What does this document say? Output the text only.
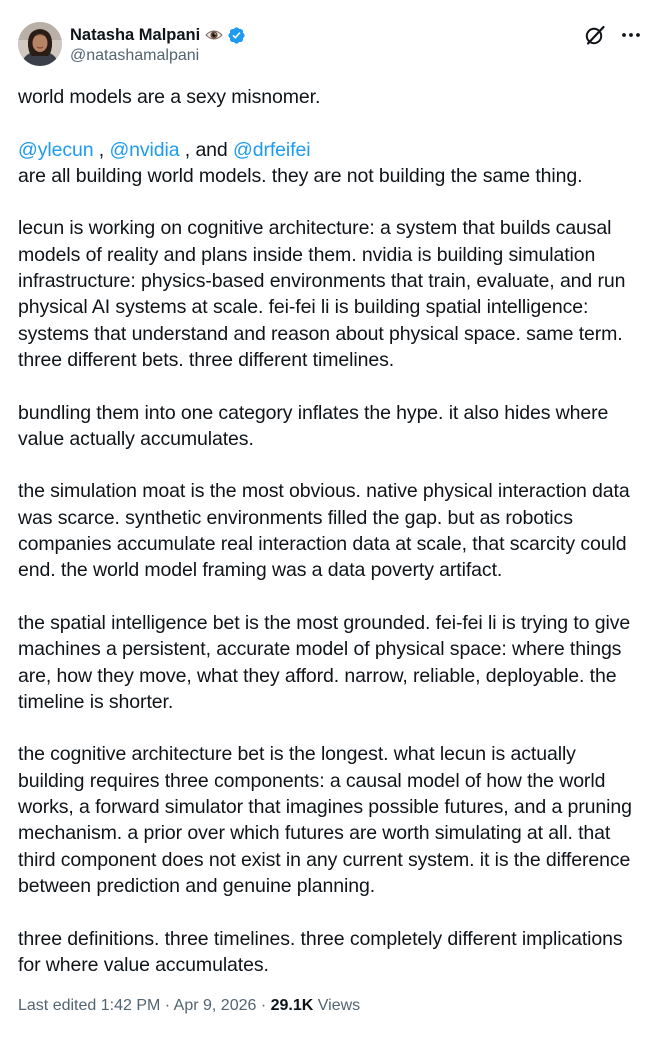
Natasha Malpani
@natashamalpani

world models are a sexy misnomer.

@ylecun , @nvidia , and @drfeifei
are all building world models. they are not building the same thing.

lecun is working on cognitive architecture: a system that builds causal
models of reality and plans inside them. nvidia is building simulation
infrastructure: physics-based environments that train, evaluate, and run
physical AI systems at scale. fei-fei li is building spatial intelligence:
systems that understand and reason about physical space. same term.
three different bets. three different timelines.

bundling them into one category inflates the hype. it also hides where
value actually accumulates.

the simulation moat is the most obvious. native physical interaction data
was scarce. synthetic environments filled the gap. but as robotics
companies accumulate real interaction data at scale, that scarcity could
end. the world model framing was a data poverty artifact.

the spatial intelligence bet is the most grounded. fei-fei li is trying to give
machines a persistent, accurate model of physical space: where things
are, how they move, what they afford. narrow, reliable, deployable. the
timeline is shorter.

the cognitive architecture bet is the longest. what lecun is actually
building requires three components: a causal model of how the world
works, a forward simulator that imagines possible futures, and a pruning
mechanism. a prior over which futures are worth simulating at all. that
third component does not exist in any current system. it is the difference
between prediction and genuine planning.

three definitions. three timelines. three completely different implications
for where value accumulates.

Last edited 1:42 PM · Apr 9, 2026 · 29.1K Views
